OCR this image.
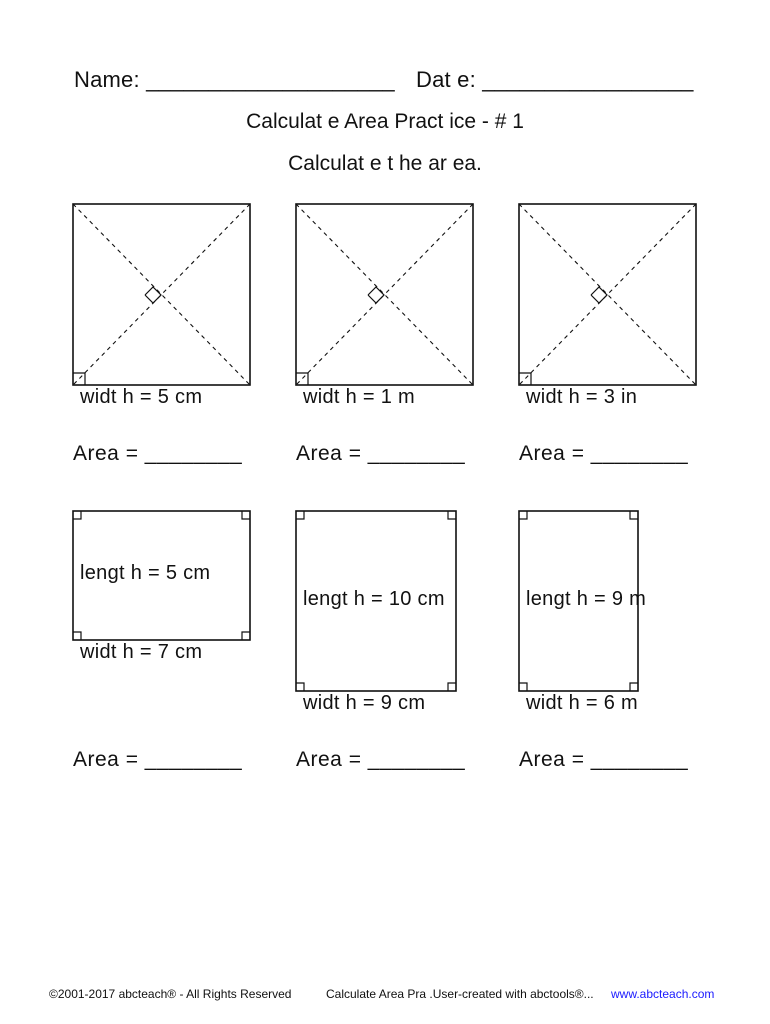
Name: ____________________ Dat e: _________________
Calculat e Area Pract ice - # 1
Calculat e t he ar ea.
widt h = 5 cm	widt h = 1 m	widt h = 3 in
Area = ________	Area = ________	Area = ________
lengt h = 5 cm
lengt h = 10 cm	lengt h = 9 m
widt h = 7 cm
widt h = 9 cm	widt h = 6 m
Area = ________	Area = ________	Area = ________
©2001-2017 abcteach® - All Rights Reserved	Calculate Area Pra .User-created with abctools®... www.abcteach.com
